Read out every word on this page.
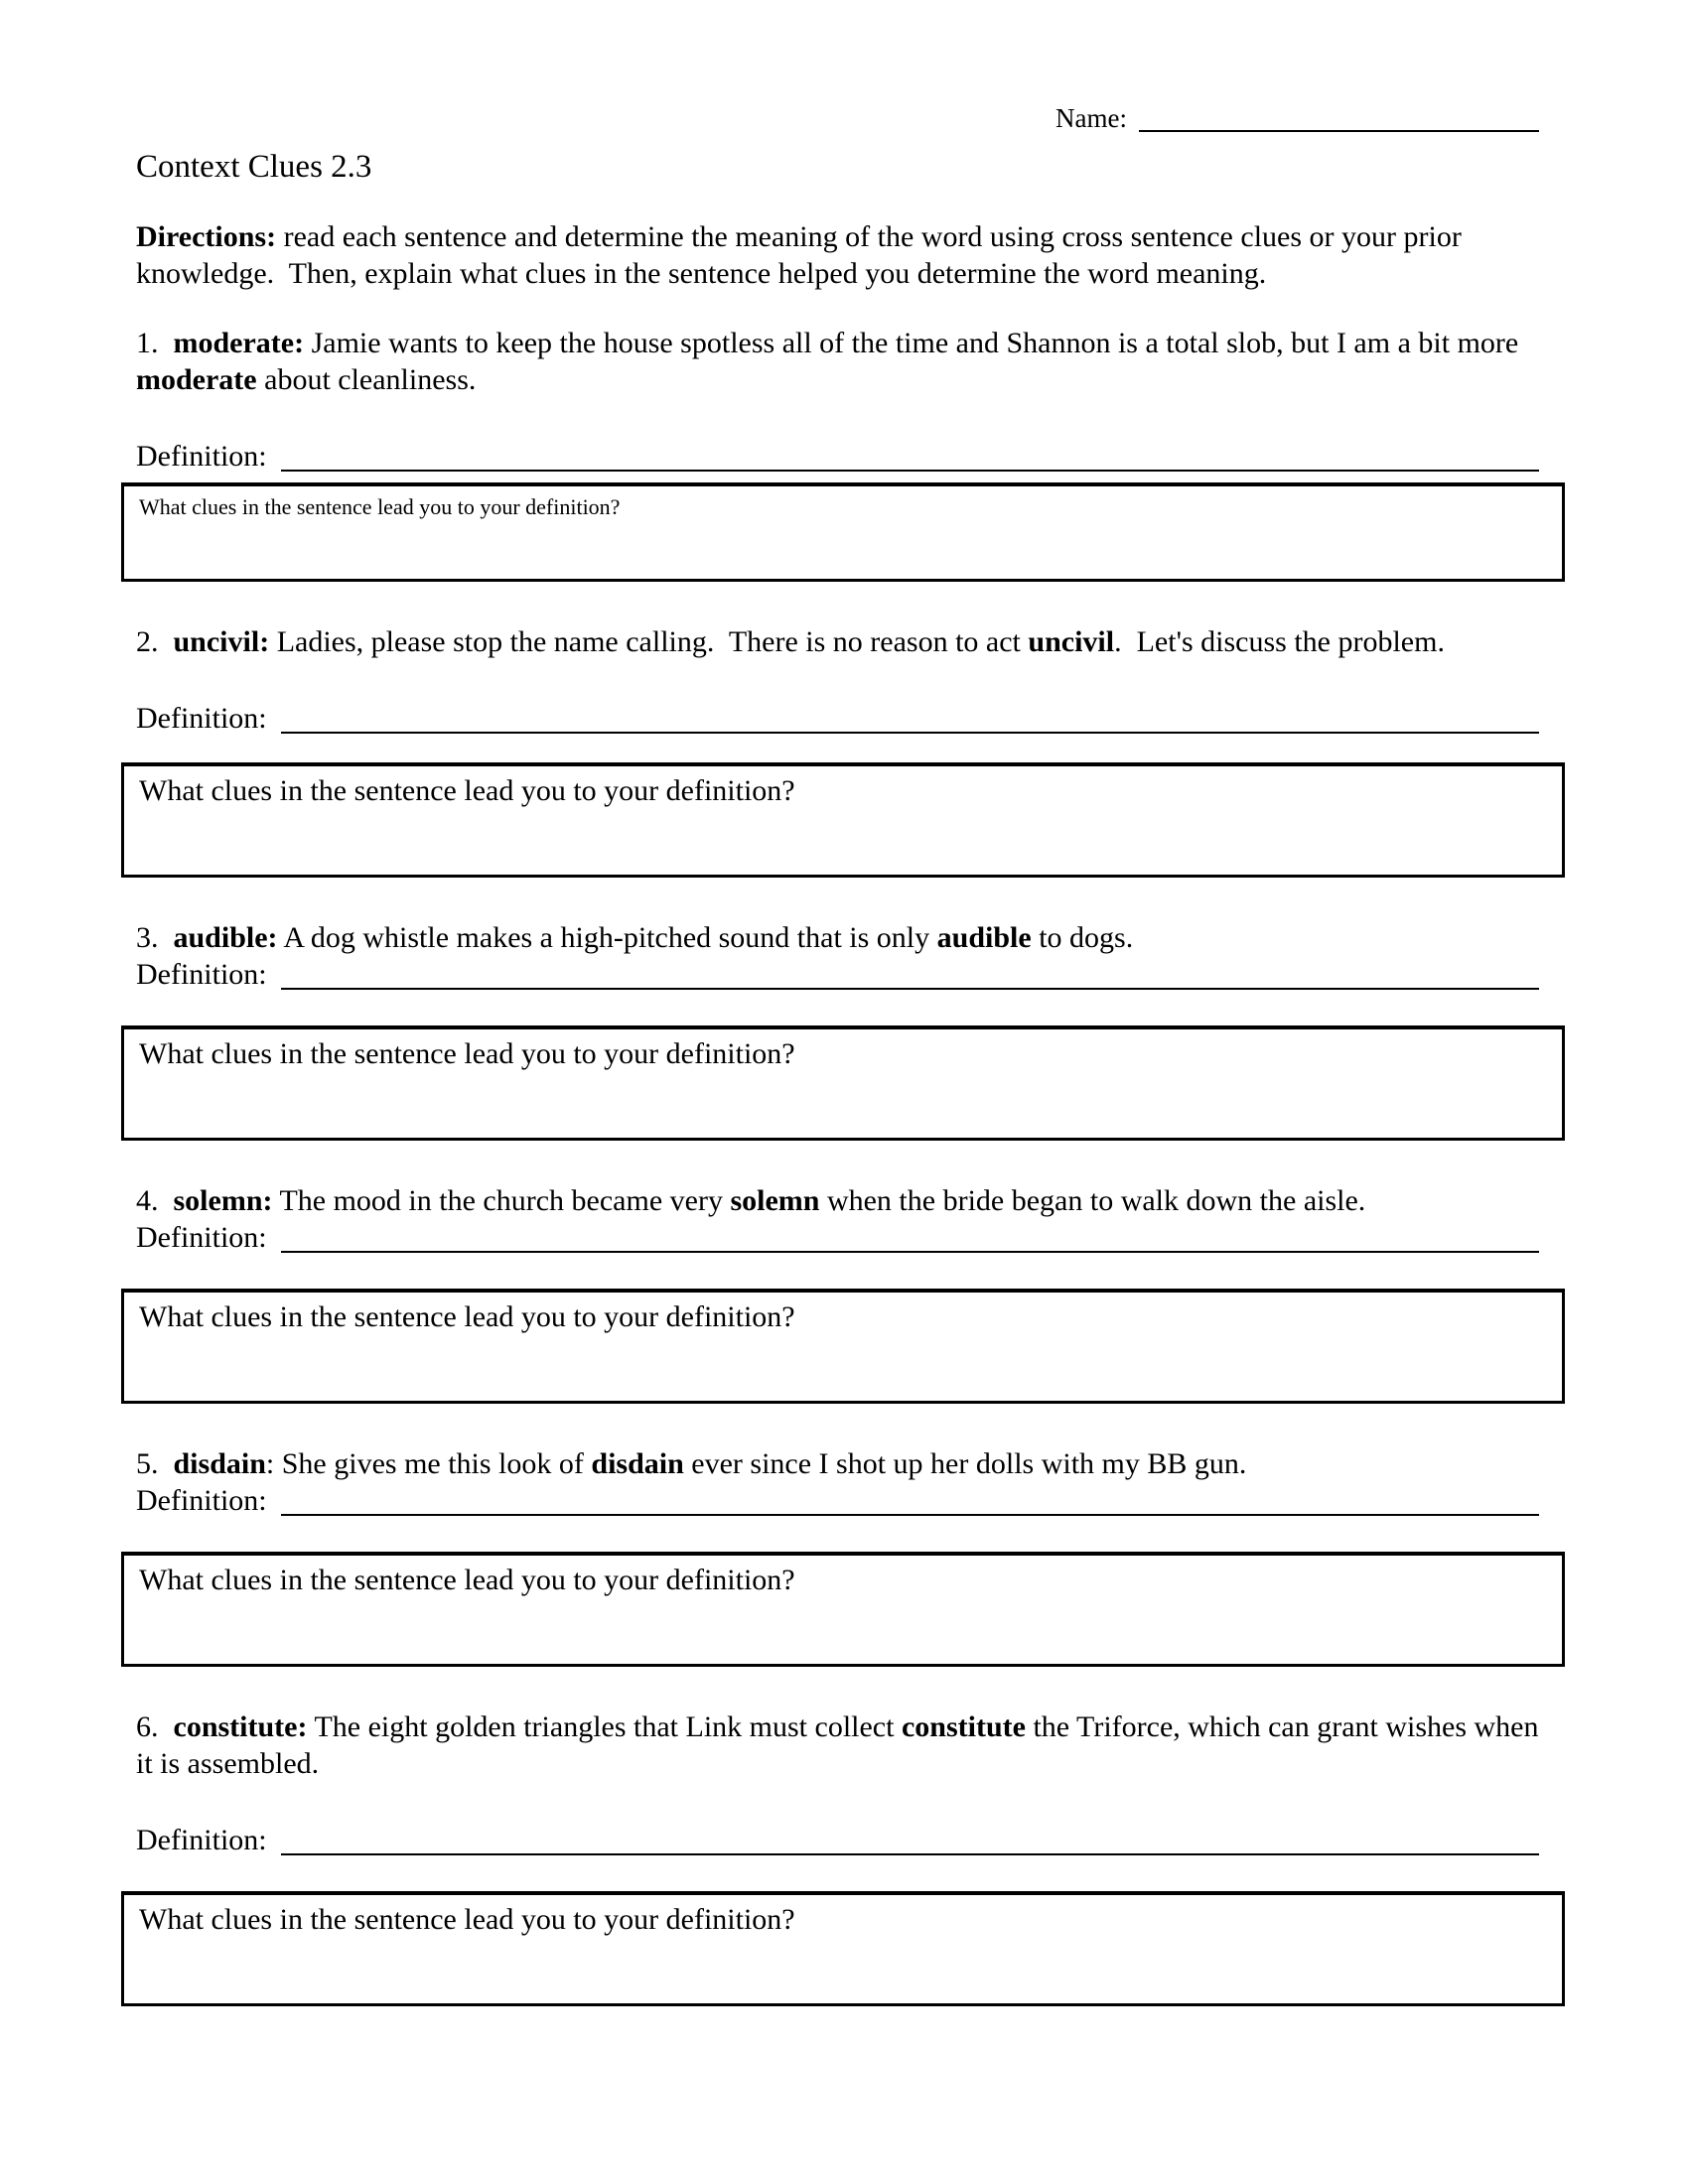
Name:
Context Clues 2.3

Directions: read each sentence and determine the meaning of the word using cross sentence clues or your prior knowledge.  Then, explain what clues in the sentence helped you determine the word meaning.

1.  moderate: Jamie wants to keep the house spotless all of the time and Shannon is a total slob, but I am a bit more moderate about cleanliness.

Definition:
What clues in the sentence lead you to your definition?

2.  uncivil: Ladies, please stop the name calling.  There is no reason to act uncivil.  Let's discuss the problem.

Definition:
What clues in the sentence lead you to your definition?

3.  audible: A dog whistle makes a high-pitched sound that is only audible to dogs.

Definition:
What clues in the sentence lead you to your definition?

4.  solemn: The mood in the church became very solemn when the bride began to walk down the aisle.

Definition:
What clues in the sentence lead you to your definition?

5.  disdain: She gives me this look of disdain ever since I shot up her dolls with my BB gun.

Definition:
What clues in the sentence lead you to your definition?

6.  constitute: The eight golden triangles that Link must collect constitute the Triforce, which can grant wishes when it is assembled.

Definition:
What clues in the sentence lead you to your definition?
